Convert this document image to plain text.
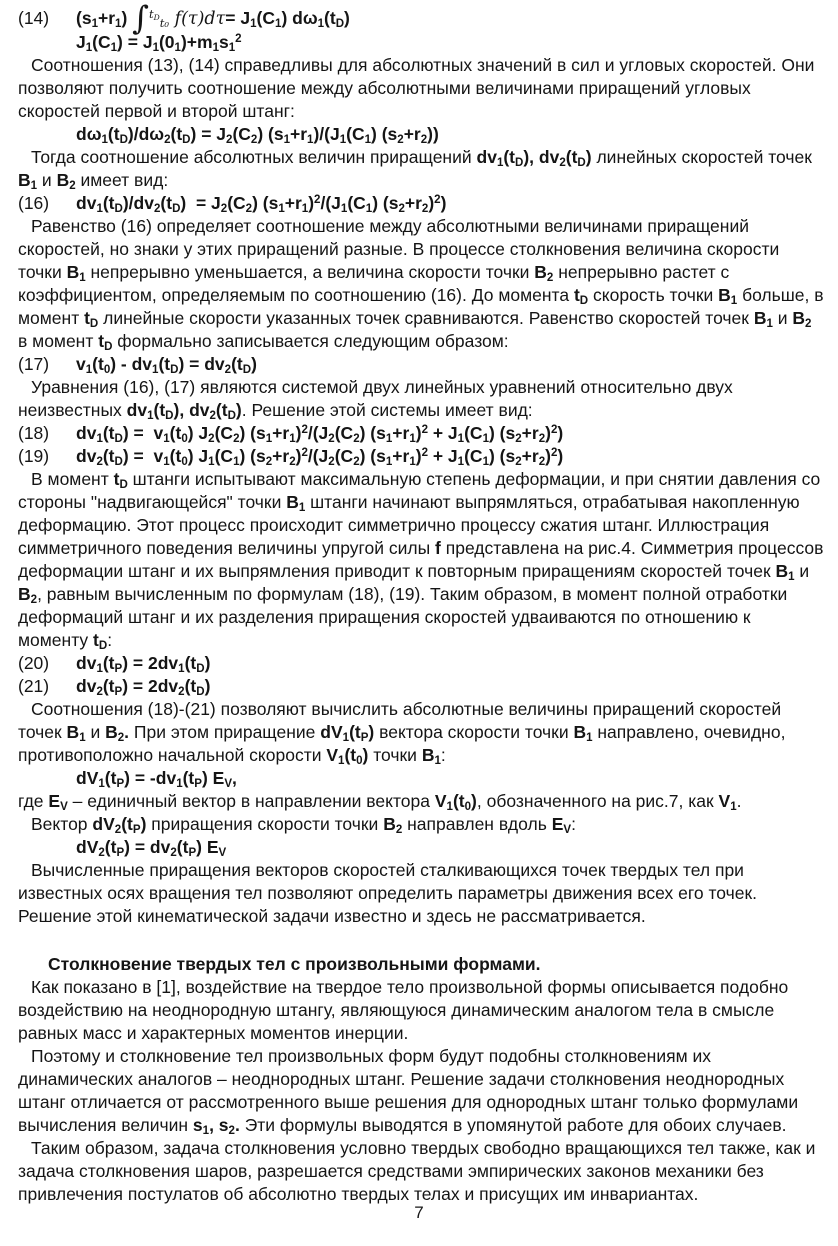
(14)	$(s_1+r_1)$ ∫$^{t_D}_{t_0}$ $f(\tau)d\tau= J_1(C_1)$ $d\omega_1(t_D)$
$J_1(C_1) = J_1(0_1)+m_1s_1^2$
Соотношения (13), (14) справедливы для абсолютных значений в сил и угловых скоростей. Они позволяют получить соотношение между абсолютными величинами приращений угловых скоростей первой и второй штанг:
$d\omega_1(t_D)/d\omega_2(t_D) = J_2(C_2)$ $(s_1+r_1)/(J_1(C_1)$ $(s_2+r_2)$)
Тогда соотношение абсолютных величин приращений $dv_1(t_D)$, $dv_2(t_D)$ линейных скоростей точек $B_1$ и $B_2$ имеет вид:
(16)	$dv_1(t_D)/dv_2(t_D) = J_2(C_2)$ $(s_1+r_1)^2/(J_1(C_1)$ $(s_2+r_2)^2$)
Равенство (16) определяет соотношение между абсолютными величинами приращений скоростей, но знаки у этих приращений разные. В процессе столкновения величина скорости точки $B_1$ непрерывно уменьшается, а величина скорости точки $B_2$ непрерывно растет с коэффициентом, определяемым по соотношению (16). До момента $t_D$ скорость точки $B_1$ больше, в момент $t_D$ линейные скорости указанных точек сравниваются. Равенство скоростей точек $B_1$ и $B_2$ в момент $t_D$ формально записывается следующим образом:
(17)	$v_1(t_0) - dv_1(t_D) = dv_2(t_D)$
Уравнения (16), (17) являются системой двух линейных уравнений относительно двух неизвестных $dv_1(t_D)$, $dv_2(t_D)$. Решение этой системы имеет вид:
(18)	$dv_1(t_D) = v_1(t_0)$ $J_2(C_2)$ $(s_1+r_1)^2/(J_2(C_2) (s_1+r_1)^2 + J_1(C_1)$ $(s_2+r_2)^2$)
(19)	$dv_2(t_D) = v_1(t_0)$ $J_1(C_1)$ $(s_2+r_2)^2/(J_2(C_2) (s_1+r_1)^2 + J_1(C_1)$ $(s_2+r_2)^2$)
В момент $t_D$ штанги испытывают максимальную степень деформации, и при снятии давления со стороны "надвигающейся" точки $B_1$ штанги начинают выпрямляться, отрабатывая накопленную деформацию. Этот процесс происходит симметрично процессу сжатия штанг. Иллюстрация симметричного поведения величины упругой силы f представлена на рис.4. Симметрия процессов деформации штанг и их выпрямления приводит к повторным приращениям скоростей точек $B_1$ и $B_2$, равным вычисленным по формулам (18), (19). Таким образом, в момент полной отработки деформаций штанг и их разделения приращения скоростей удваиваются по отношению к моменту $t_D$:
(20)	$dv_1(t_P) = 2dv_1(t_D)$
(21)	$dv_2(t_P) = 2dv_2(t_D)$
Соотношения (18)-(21) позволяют вычислить абсолютные величины приращений скоростей точек $B_1$ и $B_2$. При этом приращение $dV_1(t_P)$ вектора скорости точки $B_1$ направлено, очевидно, противоположно начальной скорости $V_1(t_0)$ точки $B_1$:
$dV_1(t_P) = -dv_1(t_P)$ $E_V$,
где $E_V$ – единичный вектор в направлении вектора $V_1(t_0)$, обозначенного на рис.7, как $V_1$.
Вектор $dV_2(t_P)$ приращения скорости точки $B_2$ направлен вдоль $E_V$:
$dV_2(t_P) = dv_2(t_P)$ $E_V$
Вычисленные приращения векторов скоростей сталкивающихся точек твердых тел при известных осях вращения тел позволяют определить параметры движения всех его точек. Решение этой кинематической задачи известно и здесь не рассматривается.
Столкновение твердых тел с произвольными формами.
Как показано в [1], воздействие на твердое тело произвольной формы описывается подобно воздействию на неоднородную штангу, являющуюся динамическим аналогом тела в смысле равных масс и характерных моментов инерции.
Поэтому и столкновение тел произвольных форм будут подобны столкновениям их динамических аналогов – неоднородных штанг. Решение задачи столкновения неоднородных штанг отличается от рассмотренного выше решения для однородных штанг только формулами вычисления величин $s_1$, $s_2$. Эти формулы выводятся в упомянутой работе для обоих случаев.
Таким образом, задача столкновения условно твердых свободно вращающихся тел также, как и задача столкновения шаров, разрешается средствами эмпирических законов механики без привлечения постулатов об абсолютно твердых телах и присущих им инвариантах.
7
